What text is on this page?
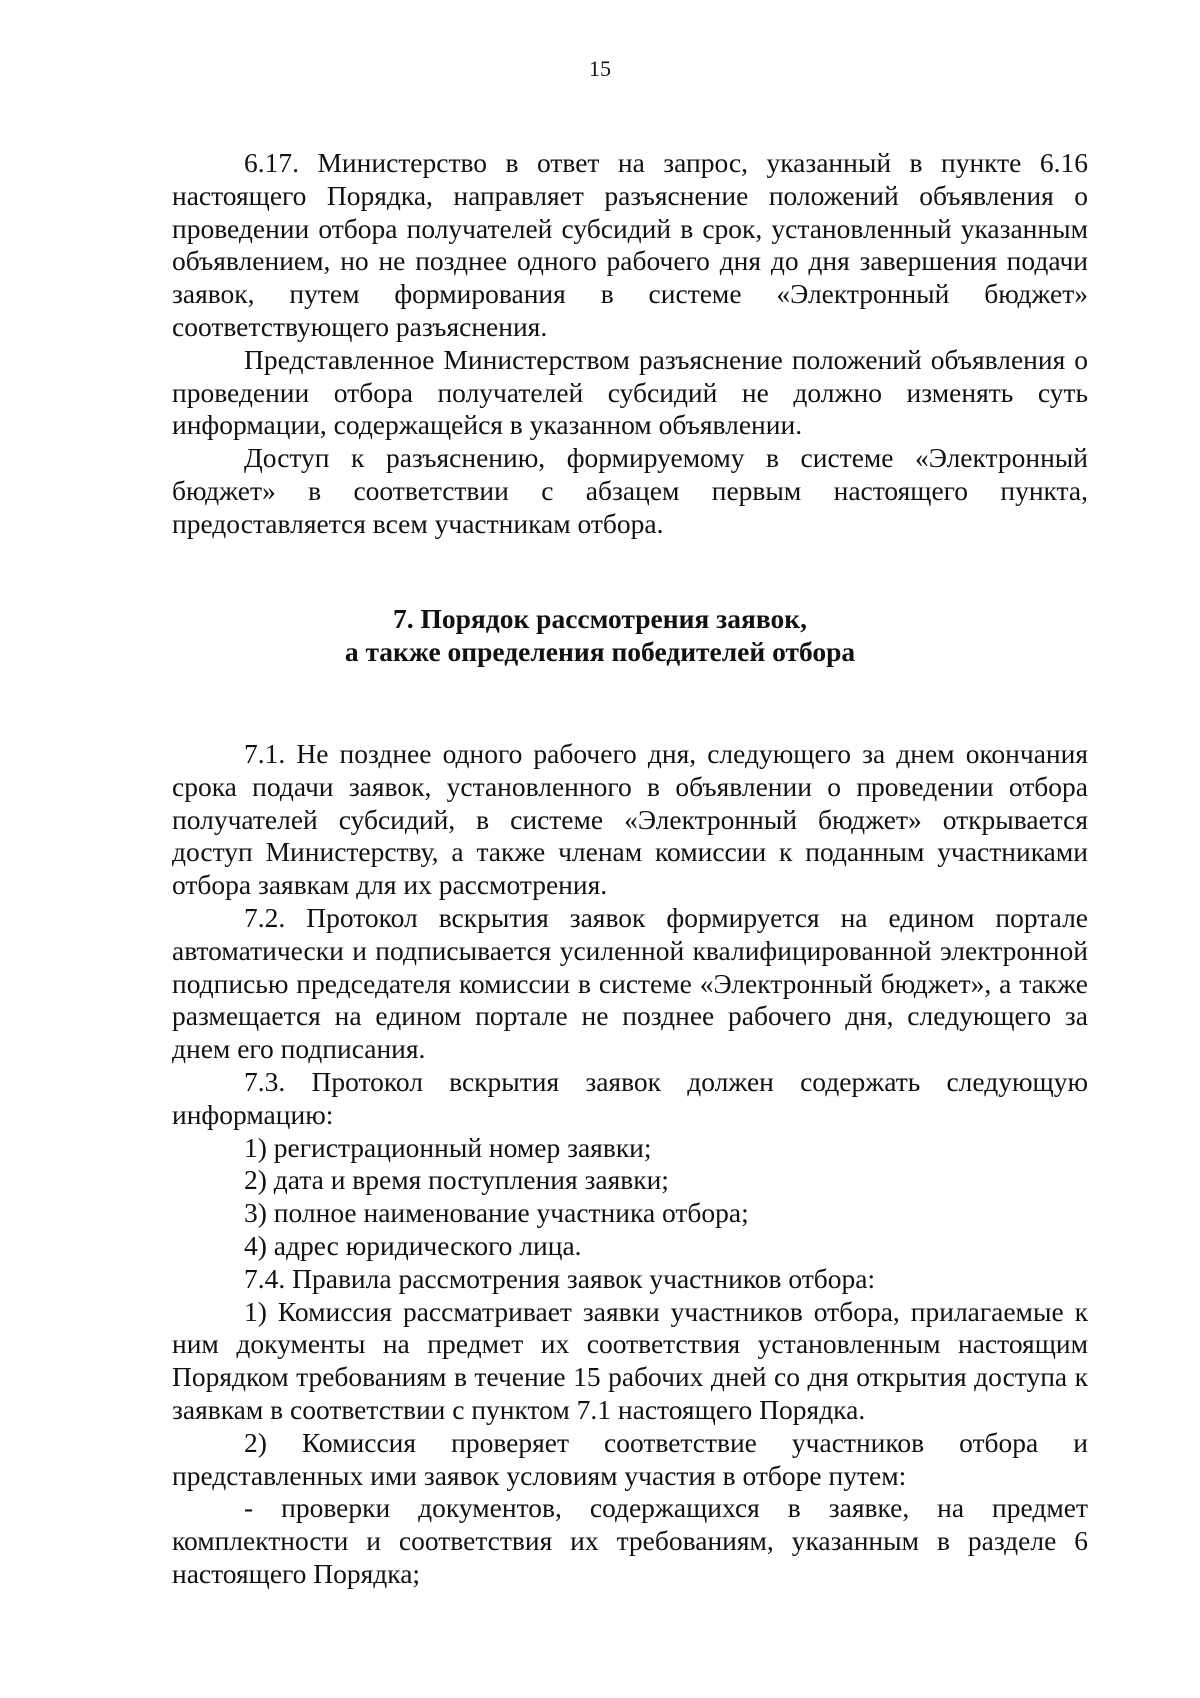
15

6.17. Министерство в ответ на запрос, указанный в пункте 6.16 настоящего Порядка, направляет разъяснение положений объявления о проведении отбора получателей субсидий в срок, установленный указанным объявлением, но не позднее одного рабочего дня до дня завершения подачи заявок, путем формирования в системе «Электронный бюджет» соответствующего разъяснения.

Представленное Министерством разъяснение положений объявления о проведении отбора получателей субсидий не должно изменять суть информации, содержащейся в указанном объявлении.

Доступ к разъяснению, формируемому в системе «Электронный бюджет» в соответствии с абзацем первым настоящего пункта, предоставляется всем участникам отбора.

7. Порядок рассмотрения заявок,
а также определения победителей отбора

7.1. Не позднее одного рабочего дня, следующего за днем окончания срока подачи заявок, установленного в объявлении о проведении отбора получателей субсидий, в системе «Электронный бюджет» открывается доступ Министерству, а также членам комиссии к поданным участниками отбора заявкам для их рассмотрения.

7.2. Протокол вскрытия заявок формируется на едином портале автоматически и подписывается усиленной квалифицированной электронной подписью председателя комиссии в системе «Электронный бюджет», а также размещается на едином портале не позднее рабочего дня, следующего за днем его подписания.

7.3. Протокол вскрытия заявок должен содержать следующую информацию:

1) регистрационный номер заявки;

2) дата и время поступления заявки;

3) полное наименование участника отбора;

4) адрес юридического лица.

7.4. Правила рассмотрения заявок участников отбора:

1) Комиссия рассматривает заявки участников отбора, прилагаемые к ним документы на предмет их соответствия установленным настоящим Порядком требованиям в течение 15 рабочих дней со дня открытия доступа к заявкам в соответствии с пунктом 7.1 настоящего Порядка.

2) Комиссия проверяет соответствие участников отбора и представленных ими заявок условиям участия в отборе путем:

- проверки документов, содержащихся в заявке, на предмет комплектности и соответствия их требованиям, указанным в разделе 6 настоящего Порядка;
